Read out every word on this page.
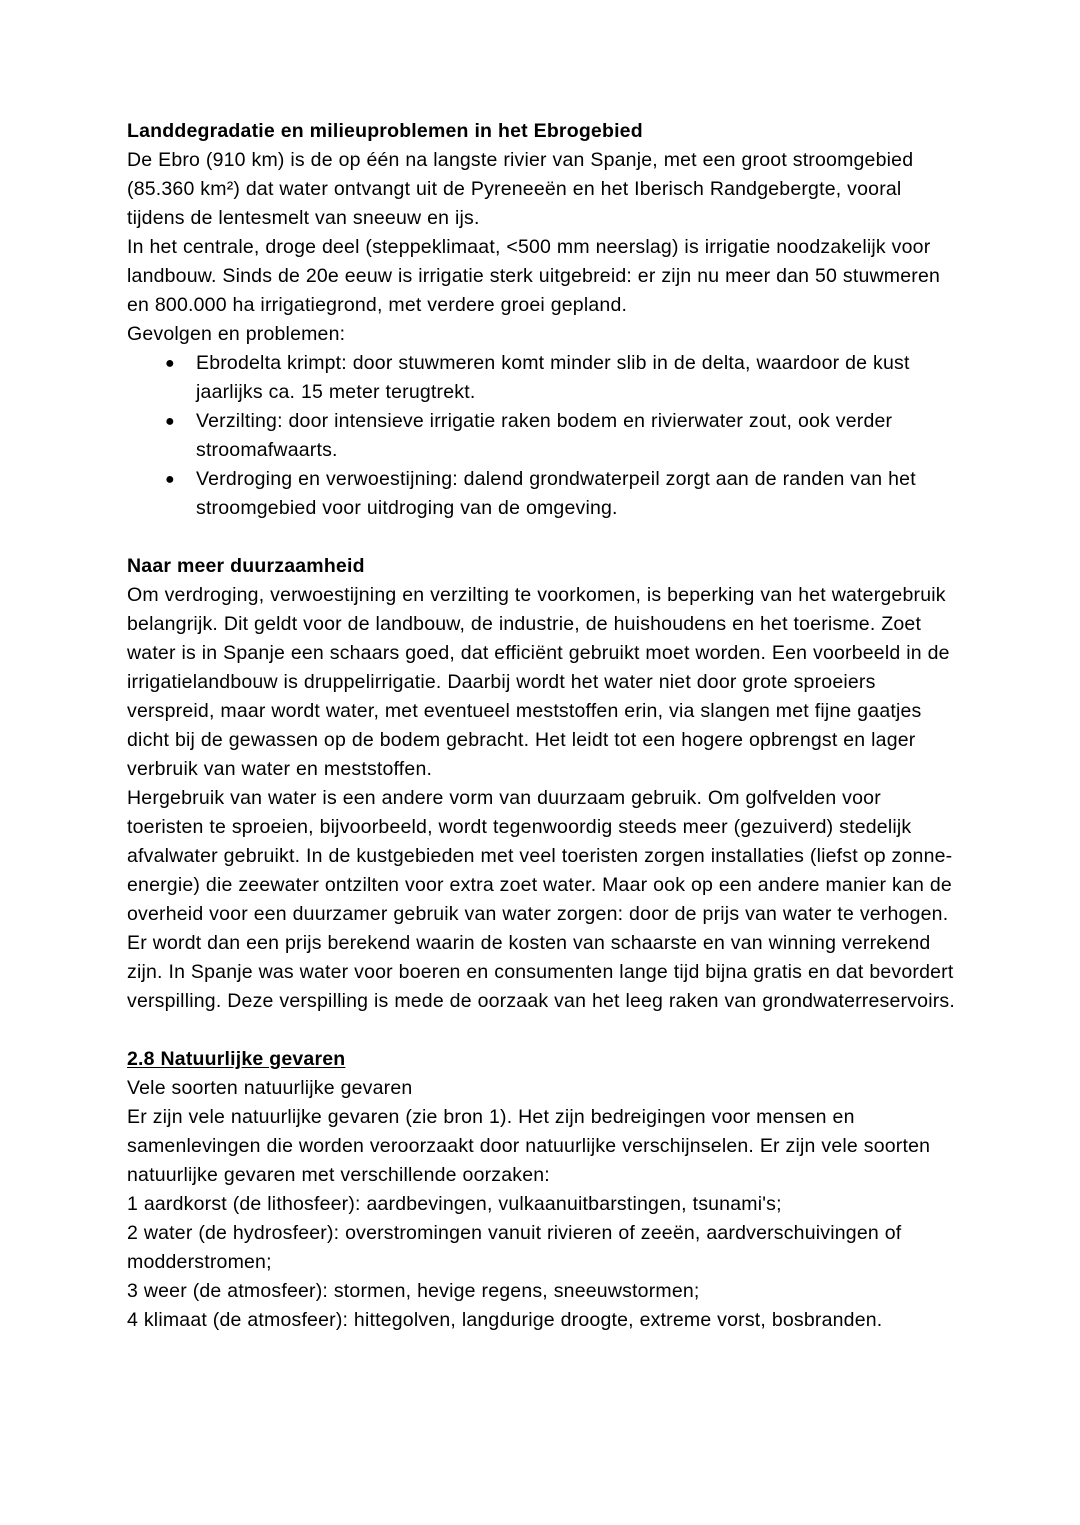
Landdegradatie en milieuproblemen in het Ebrogebied

De Ebro (910 km) is de op één na langste rivier van Spanje, met een groot stroomgebied (85.360 km²) dat water ontvangt uit de Pyreneeën en het Iberisch Randgebergte, vooral tijdens de lentesmelt van sneeuw en ijs.

In het centrale, droge deel (steppeklimaat, <500 mm neerslag) is irrigatie noodzakelijk voor landbouw. Sinds de 20e eeuw is irrigatie sterk uitgebreid: er zijn nu meer dan 50 stuwmeren en 800.000 ha irrigatiegrond, met verdere groei gepland.

Gevolgen en problemen:

● Ebrodelta krimpt: door stuwmeren komt minder slib in de delta, waardoor de kust jaarlijks ca. 15 meter terugtrekt.
● Verzilting: door intensieve irrigatie raken bodem en rivierwater zout, ook verder stroomafwaarts.
● Verdroging en verwoestijning: dalend grondwaterpeil zorgt aan de randen van het stroomgebied voor uitdroging van de omgeving.

Naar meer duurzaamheid

Om verdroging, verwoestijning en verzilting te voorkomen, is beperking van het watergebruik belangrijk. Dit geldt voor de landbouw, de industrie, de huishoudens en het toerisme. Zoet water is in Spanje een schaars goed, dat efficiënt gebruikt moet worden. Een voorbeeld in de irrigatielandbouw is druppelirrigatie. Daarbij wordt het water niet door grote sproeiers verspreid, maar wordt water, met eventueel meststoffen erin, via slangen met fijne gaatjes dicht bij de gewassen op de bodem gebracht. Het leidt tot een hogere opbrengst en lager verbruik van water en meststoffen.

Hergebruik van water is een andere vorm van duurzaam gebruik. Om golfvelden voor toeristen te sproeien, bijvoorbeeld, wordt tegenwoordig steeds meer (gezuiverd) stedelijk afvalwater gebruikt. In de kustgebieden met veel toeristen zorgen installaties (liefst op zonne-energie) die zeewater ontzilten voor extra zoet water. Maar ook op een andere manier kan de overheid voor een duurzamer gebruik van water zorgen: door de prijs van water te verhogen. Er wordt dan een prijs berekend waarin de kosten van schaarste en van winning verrekend zijn. In Spanje was water voor boeren en consumenten lange tijd bijna gratis en dat bevordert verspilling. Deze verspilling is mede de oorzaak van het leeg raken van grondwaterreservoirs.

2.8 Natuurlijke gevaren

Vele soorten natuurlijke gevaren

Er zijn vele natuurlijke gevaren (zie bron 1). Het zijn bedreigingen voor mensen en samenlevingen die worden veroorzaakt door natuurlijke verschijnselen. Er zijn vele soorten natuurlijke gevaren met verschillende oorzaken:

1 aardkorst (de lithosfeer): aardbevingen, vulkaanuitbarstingen, tsunami's;

2 water (de hydrosfeer): overstromingen vanuit rivieren of zeeën, aardverschuivingen of modderstromen;

3 weer (de atmosfeer): stormen, hevige regens, sneeuwstormen;

4 klimaat (de atmosfeer): hittegolven, langdurige droogte, extreme vorst, bosbranden.
